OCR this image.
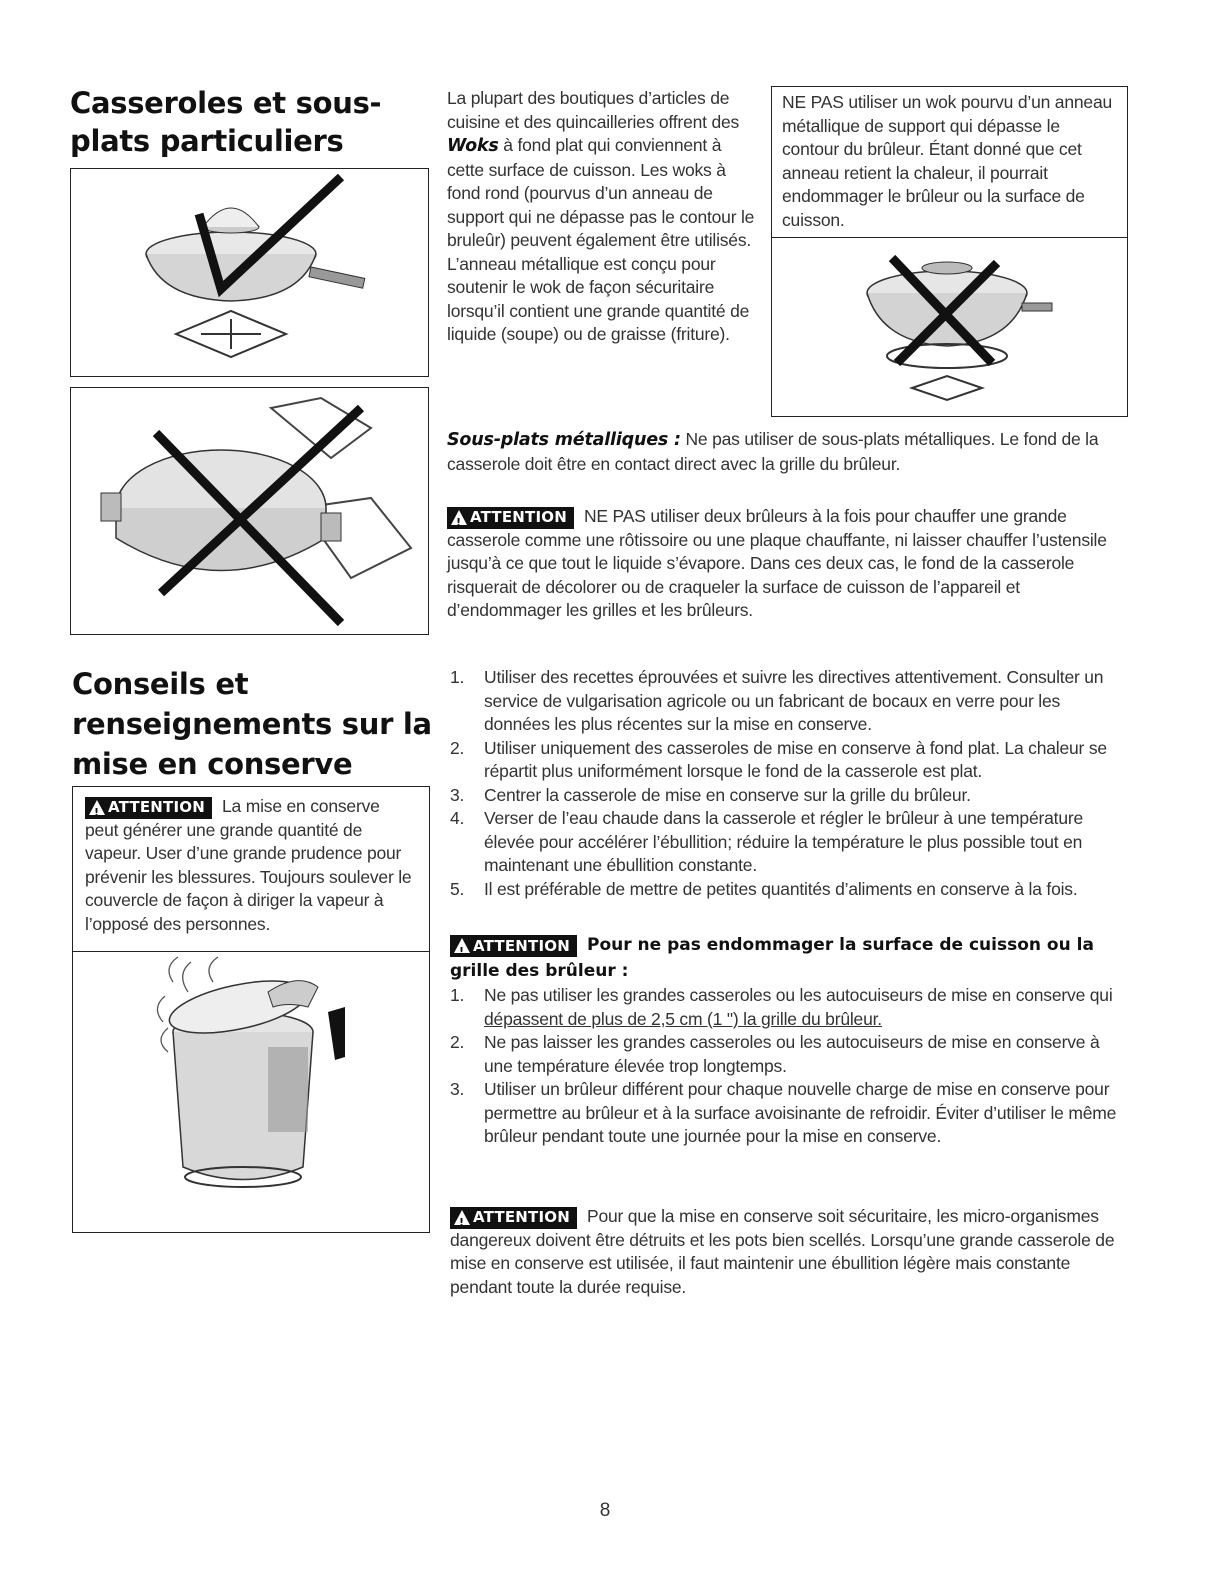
Casseroles et sous-plats particuliers
La plupart des boutiques d’articles de cuisine et des quincailleries offrent des Woks à fond plat qui conviennent à cette surface de cuisson. Les woks à fond rond (pourvus d’un anneau de support qui ne dépasse pas le contour le bruleûr) peuvent également être utilisés. L’anneau métallique est conçu pour soutenir le wok de façon sécuritaire lorsqu’il contient une grande quantité de liquide (soupe) ou de graisse (friture).
NE PAS utiliser un wok pourvu d’un anneau métallique de support qui dépasse le contour du brûleur. Étant donné que cet anneau retient la chaleur, il pourrait endommager le brûleur ou la surface de cuisson.
Sous-plats métalliques : Ne pas utiliser de sous-plats métalliques. Le fond de la casserole doit être en contact direct avec la grille du brûleur.
!
ATTENTION NE PAS utiliser deux brûleurs à la fois pour chauffer une grande casserole comme une rôtissoire ou une plaque chauffante, ni laisser chauffer l’ustensile jusqu’à ce que tout le liquide s’évapore. Dans ces deux cas, le fond de la casserole risquerait de décolorer ou de craqueler la surface de cuisson de l’appareil et d’endommager les grilles et les brûleurs.
Conseils et renseignements sur la mise en conserve
!
ATTENTION La mise en conserve peut générer une grande quantité de vapeur. User d’une grande prudence pour prévenir les blessures. Toujours soulever le couvercle de façon à diriger la vapeur à l’opposé des personnes.
1. Utiliser des recettes éprouvées et suivre les directives attentivement. Consulter un service de vulgarisation agricole ou un fabricant de bocaux en verre pour les données les plus récentes sur la mise en conserve.
2. Utiliser uniquement des casseroles de mise en conserve à fond plat. La chaleur se répartit plus uniformément lorsque le fond de la casserole est plat.
3. Centrer la casserole de mise en conserve sur la grille du brûleur.
4. Verser de l’eau chaude dans la casserole et régler le brûleur à une température élevée pour accélérer l’ébullition; réduire la température le plus possible tout en maintenant une ébullition constante.
5. Il est préférable de mettre de petites quantités d’aliments en conserve à la fois.
!
ATTENTION Pour ne pas endommager la surface de cuisson ou la grille des brûleur :
1. Ne pas utiliser les grandes casseroles ou les autocuiseurs de mise en conserve qui dépassent de plus de 2,5 cm (1 ") la grille du brûleur.
2. Ne pas laisser les grandes casseroles ou les autocuiseurs de mise en conserve à une température élevée trop longtemps.
3. Utiliser un brûleur différent pour chaque nouvelle charge de mise en conserve pour permettre au brûleur et à la surface avoisinante de refroidir. Éviter d’utiliser le même brûleur pendant toute une journée pour la mise en conserve.
!
ATTENTION Pour que la mise en conserve soit sécuritaire, les micro-organismes dangereux doivent être détruits et les pots bien scellés. Lorsqu’une grande casserole de mise en conserve est utilisée, il faut maintenir une ébullition légère mais constante pendant toute la durée requise.
8
